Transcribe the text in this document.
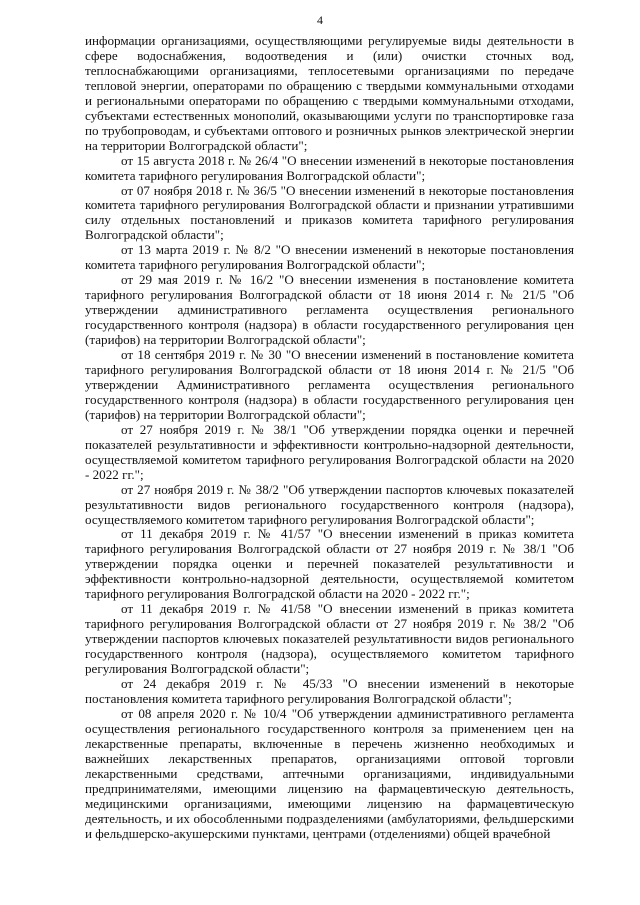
4

информации организациями, осуществляющими регулируемые виды деятельности в сфере водоснабжения, водоотведения и (или) очистки сточных вод, теплоснабжающими организациями, теплосетевыми организациями по передаче тепловой энергии, операторами по обращению с твердыми коммунальными отходами и региональными операторами по обращению с твердыми коммунальными отходами, субъектами естественных монополий, оказывающими услуги по транспортировке газа по трубопроводам, и субъектами оптового и розничных рынков электрической энергии на территории Волгоградской области";

от 15 августа 2018 г. № 26/4 "О внесении изменений в некоторые постановления комитета тарифного регулирования Волгоградской области";

от 07 ноября 2018 г. № 36/5 "О внесении изменений в некоторые постановления комитета тарифного регулирования Волгоградской области и признании утратившими силу отдельных постановлений и приказов комитета тарифного регулирования Волгоградской области";

от 13 марта 2019 г. № 8/2 "О внесении изменений в некоторые постановления комитета тарифного регулирования Волгоградской области";

от 29 мая 2019 г. № 16/2 "О внесении изменения в постановление комитета тарифного регулирования Волгоградской области от 18 июня 2014 г. № 21/5 "Об утверждении административного регламента осуществления регионального государственного контроля (надзора) в области государственного регулирования цен (тарифов) на территории Волгоградской области";

от 18 сентября 2019 г. № 30 "О внесении изменений в постановление комитета тарифного регулирования Волгоградской области от 18 июня 2014 г. № 21/5 "Об утверждении Административного регламента осуществления регионального государственного контроля (надзора) в области государственного регулирования цен (тарифов) на территории Волгоградской области";

от 27 ноября 2019 г. № 38/1 "Об утверждении порядка оценки и перечней показателей результативности и эффективности контрольно-надзорной деятельности, осуществляемой комитетом тарифного регулирования Волгоградской области на 2020 - 2022 гг.";

от 27 ноября 2019 г. № 38/2 "Об утверждении паспортов ключевых показателей результативности видов регионального государственного контроля (надзора), осуществляемого комитетом тарифного регулирования Волгоградской области";

от 11 декабря 2019 г. № 41/57 "О внесении изменений в приказ комитета тарифного регулирования Волгоградской области от 27 ноября 2019 г. № 38/1 "Об утверждении порядка оценки и перечней показателей результативности и эффективности контрольно-надзорной деятельности, осуществляемой комитетом тарифного регулирования Волгоградской области на 2020 - 2022 гг.";

от 11 декабря 2019 г. № 41/58 "О внесении изменений в приказ комитета тарифного регулирования Волгоградской области от 27 ноября 2019 г. № 38/2 "Об утверждении паспортов ключевых показателей результативности видов регионального государственного контроля (надзора), осуществляемого комитетом тарифного регулирования Волгоградской области";

от 24 декабря 2019 г. № 45/33 "О внесении изменений в некоторые постановления комитета тарифного регулирования Волгоградской области";

от 08 апреля 2020 г. № 10/4 "Об утверждении административного регламента осуществления регионального государственного контроля за применением цен на лекарственные препараты, включенные в перечень жизненно необходимых и важнейших лекарственных препаратов, организациями оптовой торговли лекарственными средствами, аптечными организациями, индивидуальными предпринимателями, имеющими лицензию на фармацевтическую деятельность, медицинскими организациями, имеющими лицензию на фармацевтическую деятельность, и их обособленными подразделениями (амбулаториями, фельдшерскими и фельдшерско-акушерскими пунктами, центрами (отделениями) общей врачебной
